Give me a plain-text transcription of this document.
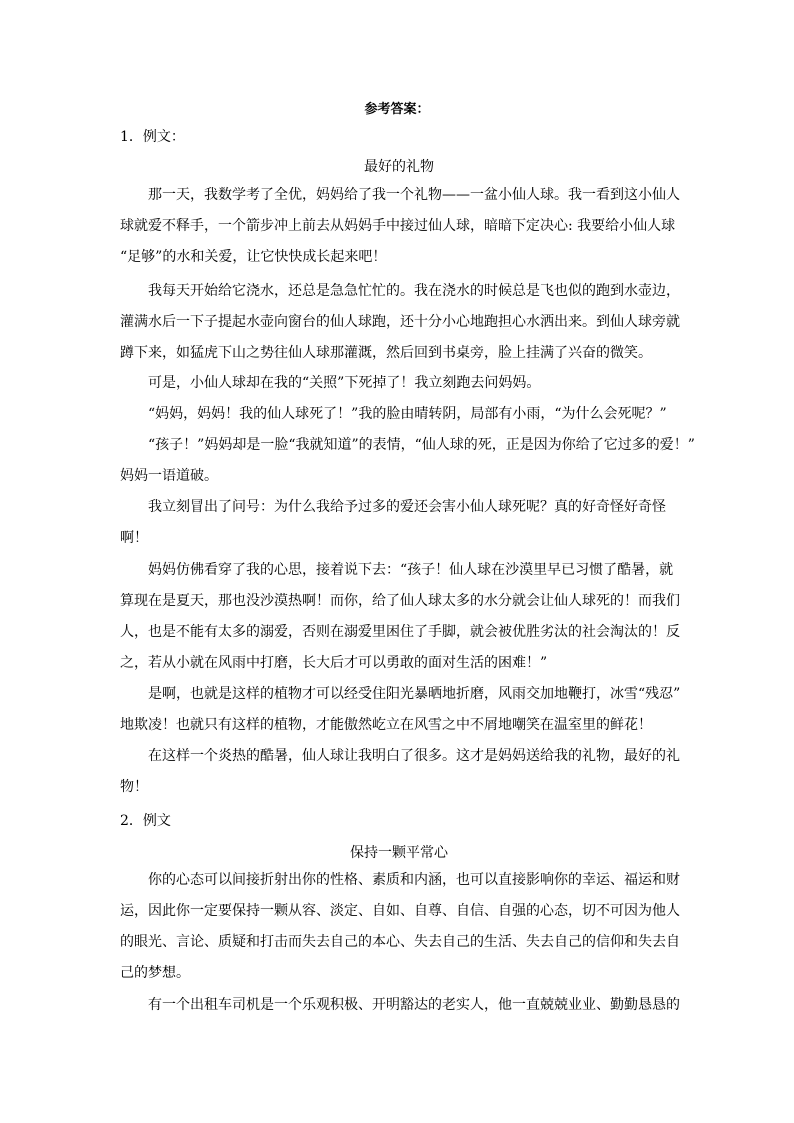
参考答案：
1．例文：
最好的礼物
那一天，我数学考了全优，妈妈给了我一个礼物——一盆小仙人球。我一看到这小仙人
球就爱不释手，一个箭步冲上前去从妈妈手中接过仙人球，暗暗下定决心: 我要给小仙人球
“足够”的水和关爱，让它快快成长起来吧！
我每天开始给它浇水，还总是急急忙忙的。我在浇水的时候总是飞也似的跑到水壶边，
灌满水后一下子提起水壶向窗台的仙人球跑，还十分小心地跑担心水洒出来。到仙人球旁就
蹲下来，如猛虎下山之势往仙人球那灌溉，然后回到书桌旁，脸上挂满了兴奋的微笑。
可是，小仙人球却在我的“关照”下死掉了！我立刻跑去问妈妈。
“妈妈，妈妈！我的仙人球死了！”我的脸由晴转阴，局部有小雨，“为什么会死呢？”
“孩子！”妈妈却是一脸“我就知道”的表情，“仙人球的死，正是因为你给了它过多的爱！”
妈妈一语道破。
我立刻冒出了问号：为什么我给予过多的爱还会害小仙人球死呢？真的好奇怪好奇怪
啊！
妈妈仿佛看穿了我的心思，接着说下去：“孩子！仙人球在沙漠里早已习惯了酷暑，就
算现在是夏天，那也没沙漠热啊！而你，给了仙人球太多的水分就会让仙人球死的！而我们
人，也是不能有太多的溺爱，否则在溺爱里困住了手脚，就会被优胜劣汰的社会淘汰的！反
之，若从小就在风雨中打磨，长大后才可以勇敢的面对生活的困难！”
是啊，也就是这样的植物才可以经受住阳光暴晒地折磨，风雨交加地鞭打，冰雪“残忍”
地欺凌！也就只有这样的植物，才能傲然屹立在风雪之中不屑地嘲笑在温室里的鲜花！
在这样一个炎热的酷暑，仙人球让我明白了很多。这才是妈妈送给我的礼物，最好的礼
物！
2．例文
保持一颗平常心
你的心态可以间接折射出你的性格、素质和内涵，也可以直接影响你的幸运、福运和财
运，因此你一定要保持一颗从容、淡定、自如、自尊、自信、自强的心态，切不可因为他人
的眼光、言论、质疑和打击而失去自己的本心、失去自己的生活、失去自己的信仰和失去自
己的梦想。
有一个出租车司机是一个乐观积极、开明豁达的老实人，他一直兢兢业业、勤勤恳恳的
